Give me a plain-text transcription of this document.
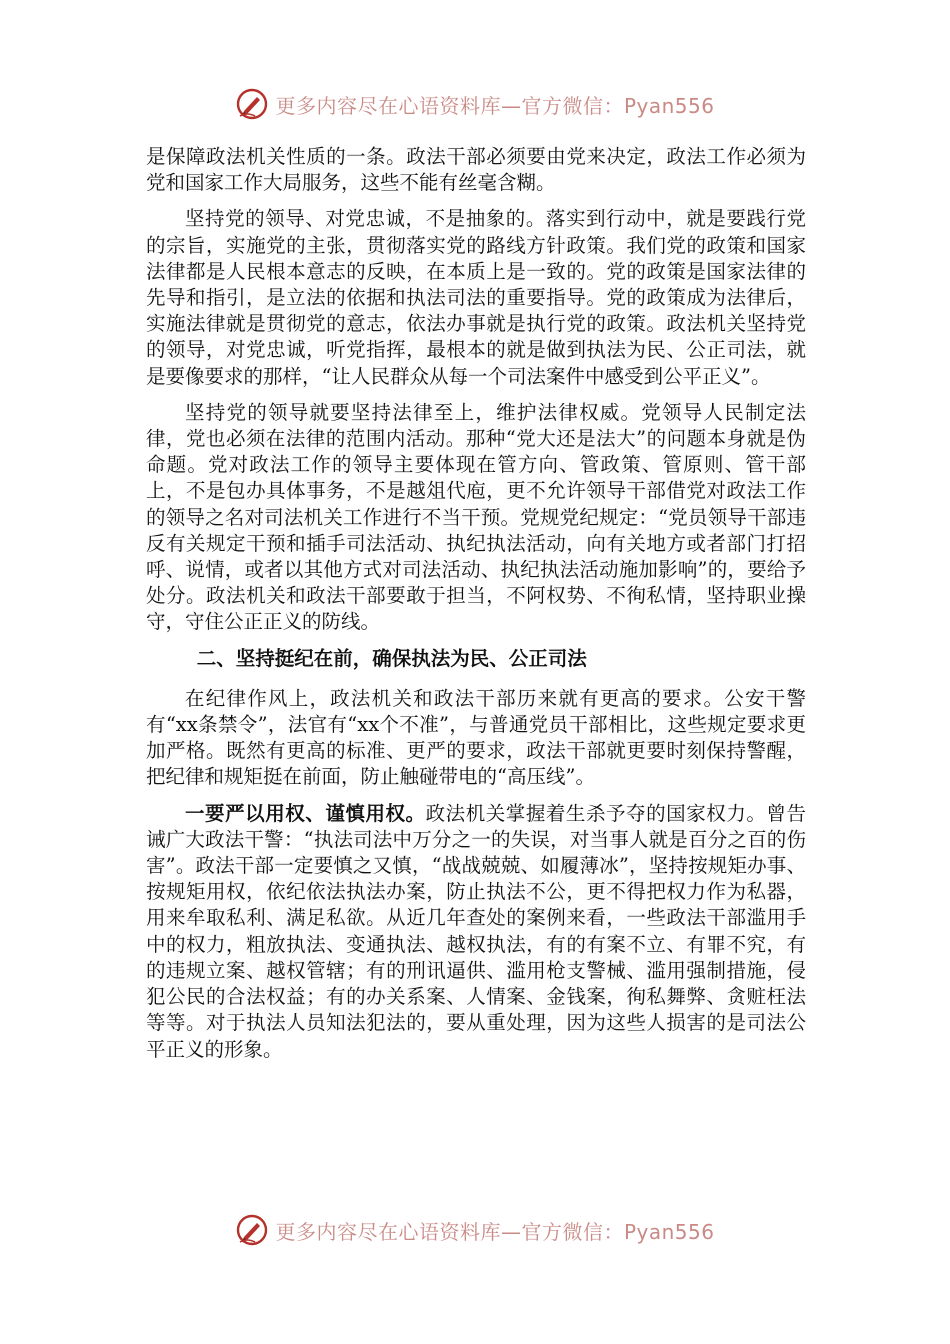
更多内容尽在心语资料库—官方微信：Pyan556

是保障政法机关性质的一条。政法干部必须要由党来决定，政法工作必须为党和国家工作大局服务，这些不能有丝毫含糊。

坚持党的领导、对党忠诚，不是抽象的。落实到行动中，就是要践行党的宗旨，实施党的主张，贯彻落实党的路线方针政策。我们党的政策和国家法律都是人民根本意志的反映，在本质上是一致的。党的政策是国家法律的先导和指引，是立法的依据和执法司法的重要指导。党的政策成为法律后，实施法律就是贯彻党的意志，依法办事就是执行党的政策。政法机关坚持党的领导，对党忠诚，听党指挥，最根本的就是做到执法为民、公正司法，就是要像要求的那样，“让人民群众从每一个司法案件中感受到公平正义”。

坚持党的领导就要坚持法律至上，维护法律权威。党领导人民制定法律，党也必须在法律的范围内活动。那种“党大还是法大”的问题本身就是伪命题。党对政法工作的领导主要体现在管方向、管政策、管原则、管干部上，不是包办具体事务，不是越俎代庖，更不允许领导干部借党对政法工作的领导之名对司法机关工作进行不当干预。党规党纪规定：“党员领导干部违反有关规定干预和插手司法活动、执纪执法活动，向有关地方或者部门打招呼、说情，或者以其他方式对司法活动、执纪执法活动施加影响”的，要给予处分。政法机关和政法干部要敢于担当，不阿权势、不徇私情，坚持职业操守，守住公正正义的防线。

二、坚持挺纪在前，确保执法为民、公正司法

在纪律作风上，政法机关和政法干部历来就有更高的要求。公安干警有“xx条禁令”，法官有“xx个不准”，与普通党员干部相比，这些规定要求更加严格。既然有更高的标准、更严的要求，政法干部就更要时刻保持警醒，把纪律和规矩挺在前面，防止触碰带电的“高压线”。

一要严以用权、谨慎用权。政法机关掌握着生杀予夺的国家权力。曾告诫广大政法干警：“执法司法中万分之一的失误，对当事人就是百分之百的伤害”。政法干部一定要慎之又慎，“战战兢兢、如履薄冰”，坚持按规矩办事、按规矩用权，依纪依法执法办案，防止执法不公，更不得把权力作为私器，用来牟取私利、满足私欲。从近几年查处的案例来看，一些政法干部滥用手中的权力，粗放执法、变通执法、越权执法，有的有案不立、有罪不究，有的违规立案、越权管辖；有的刑讯逼供、滥用枪支警械、滥用强制措施，侵犯公民的合法权益；有的办关系案、人情案、金钱案，徇私舞弊、贪赃枉法等等。对于执法人员知法犯法的，要从重处理，因为这些人损害的是司法公平正义的形象。

更多内容尽在心语资料库—官方微信：Pyan556
